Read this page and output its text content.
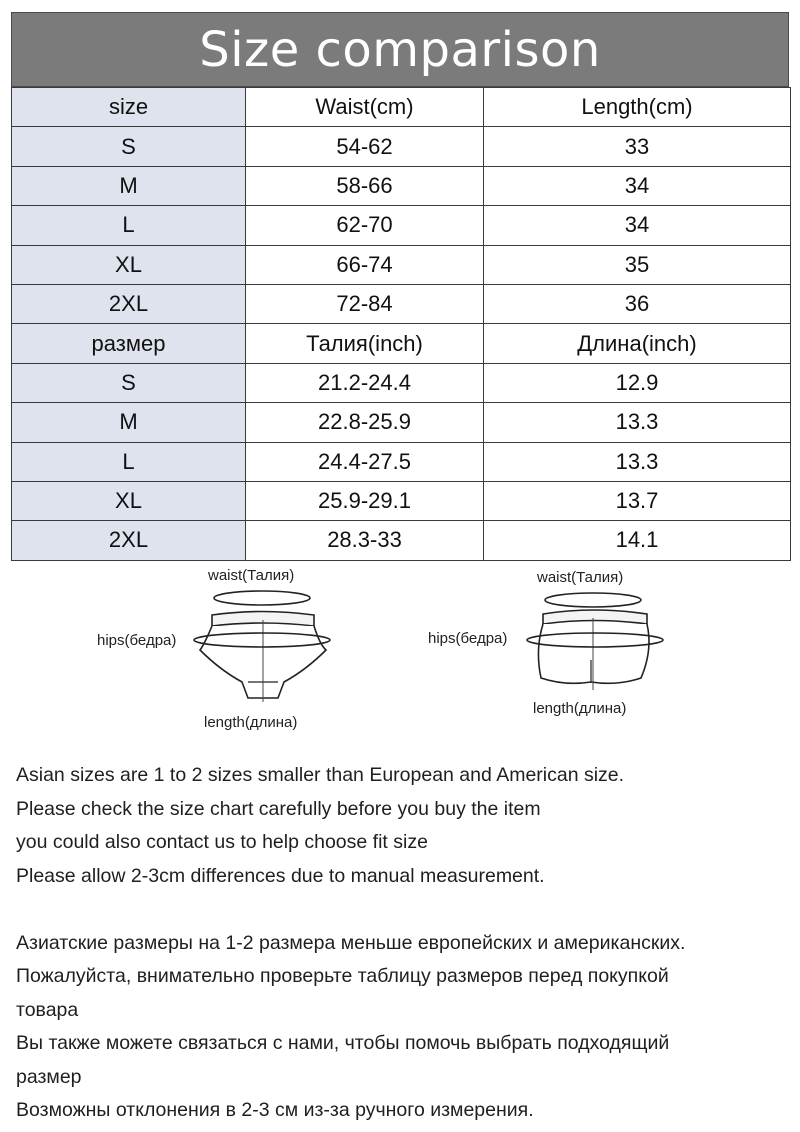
Size comparison
size	Waist(cm)	Length(cm)
S	54-62	33
M	58-66	34
L	62-70	34
XL	66-74	35
2XL	72-84	36
размер	Талия(inch)	Длина(inch)
S	21.2-24.4	12.9
M	22.8-25.9	13.3
L	24.4-27.5	13.3
XL	25.9-29.1	13.7
2XL	28.3-33	14.1
waist(Талия)
hips(бедра)
length(длина)
waist(Талия)
hips(бедра)
length(длина)

Asian sizes are 1 to 2 sizes smaller than European and American size.

Please check the size chart carefully before you buy the item

you could also contact us to help choose fit size

Please allow 2-3cm differences due to manual measurement.

Азиатские размеры на 1-2 размера меньше европейских и американских.

Пожалуйста, внимательно проверьте таблицу размеров перед покупкой

товара

Вы также можете связаться с нами, чтобы помочь выбрать подходящий

размер

Возможны отклонения в 2-3 см из-за ручного измерения.
